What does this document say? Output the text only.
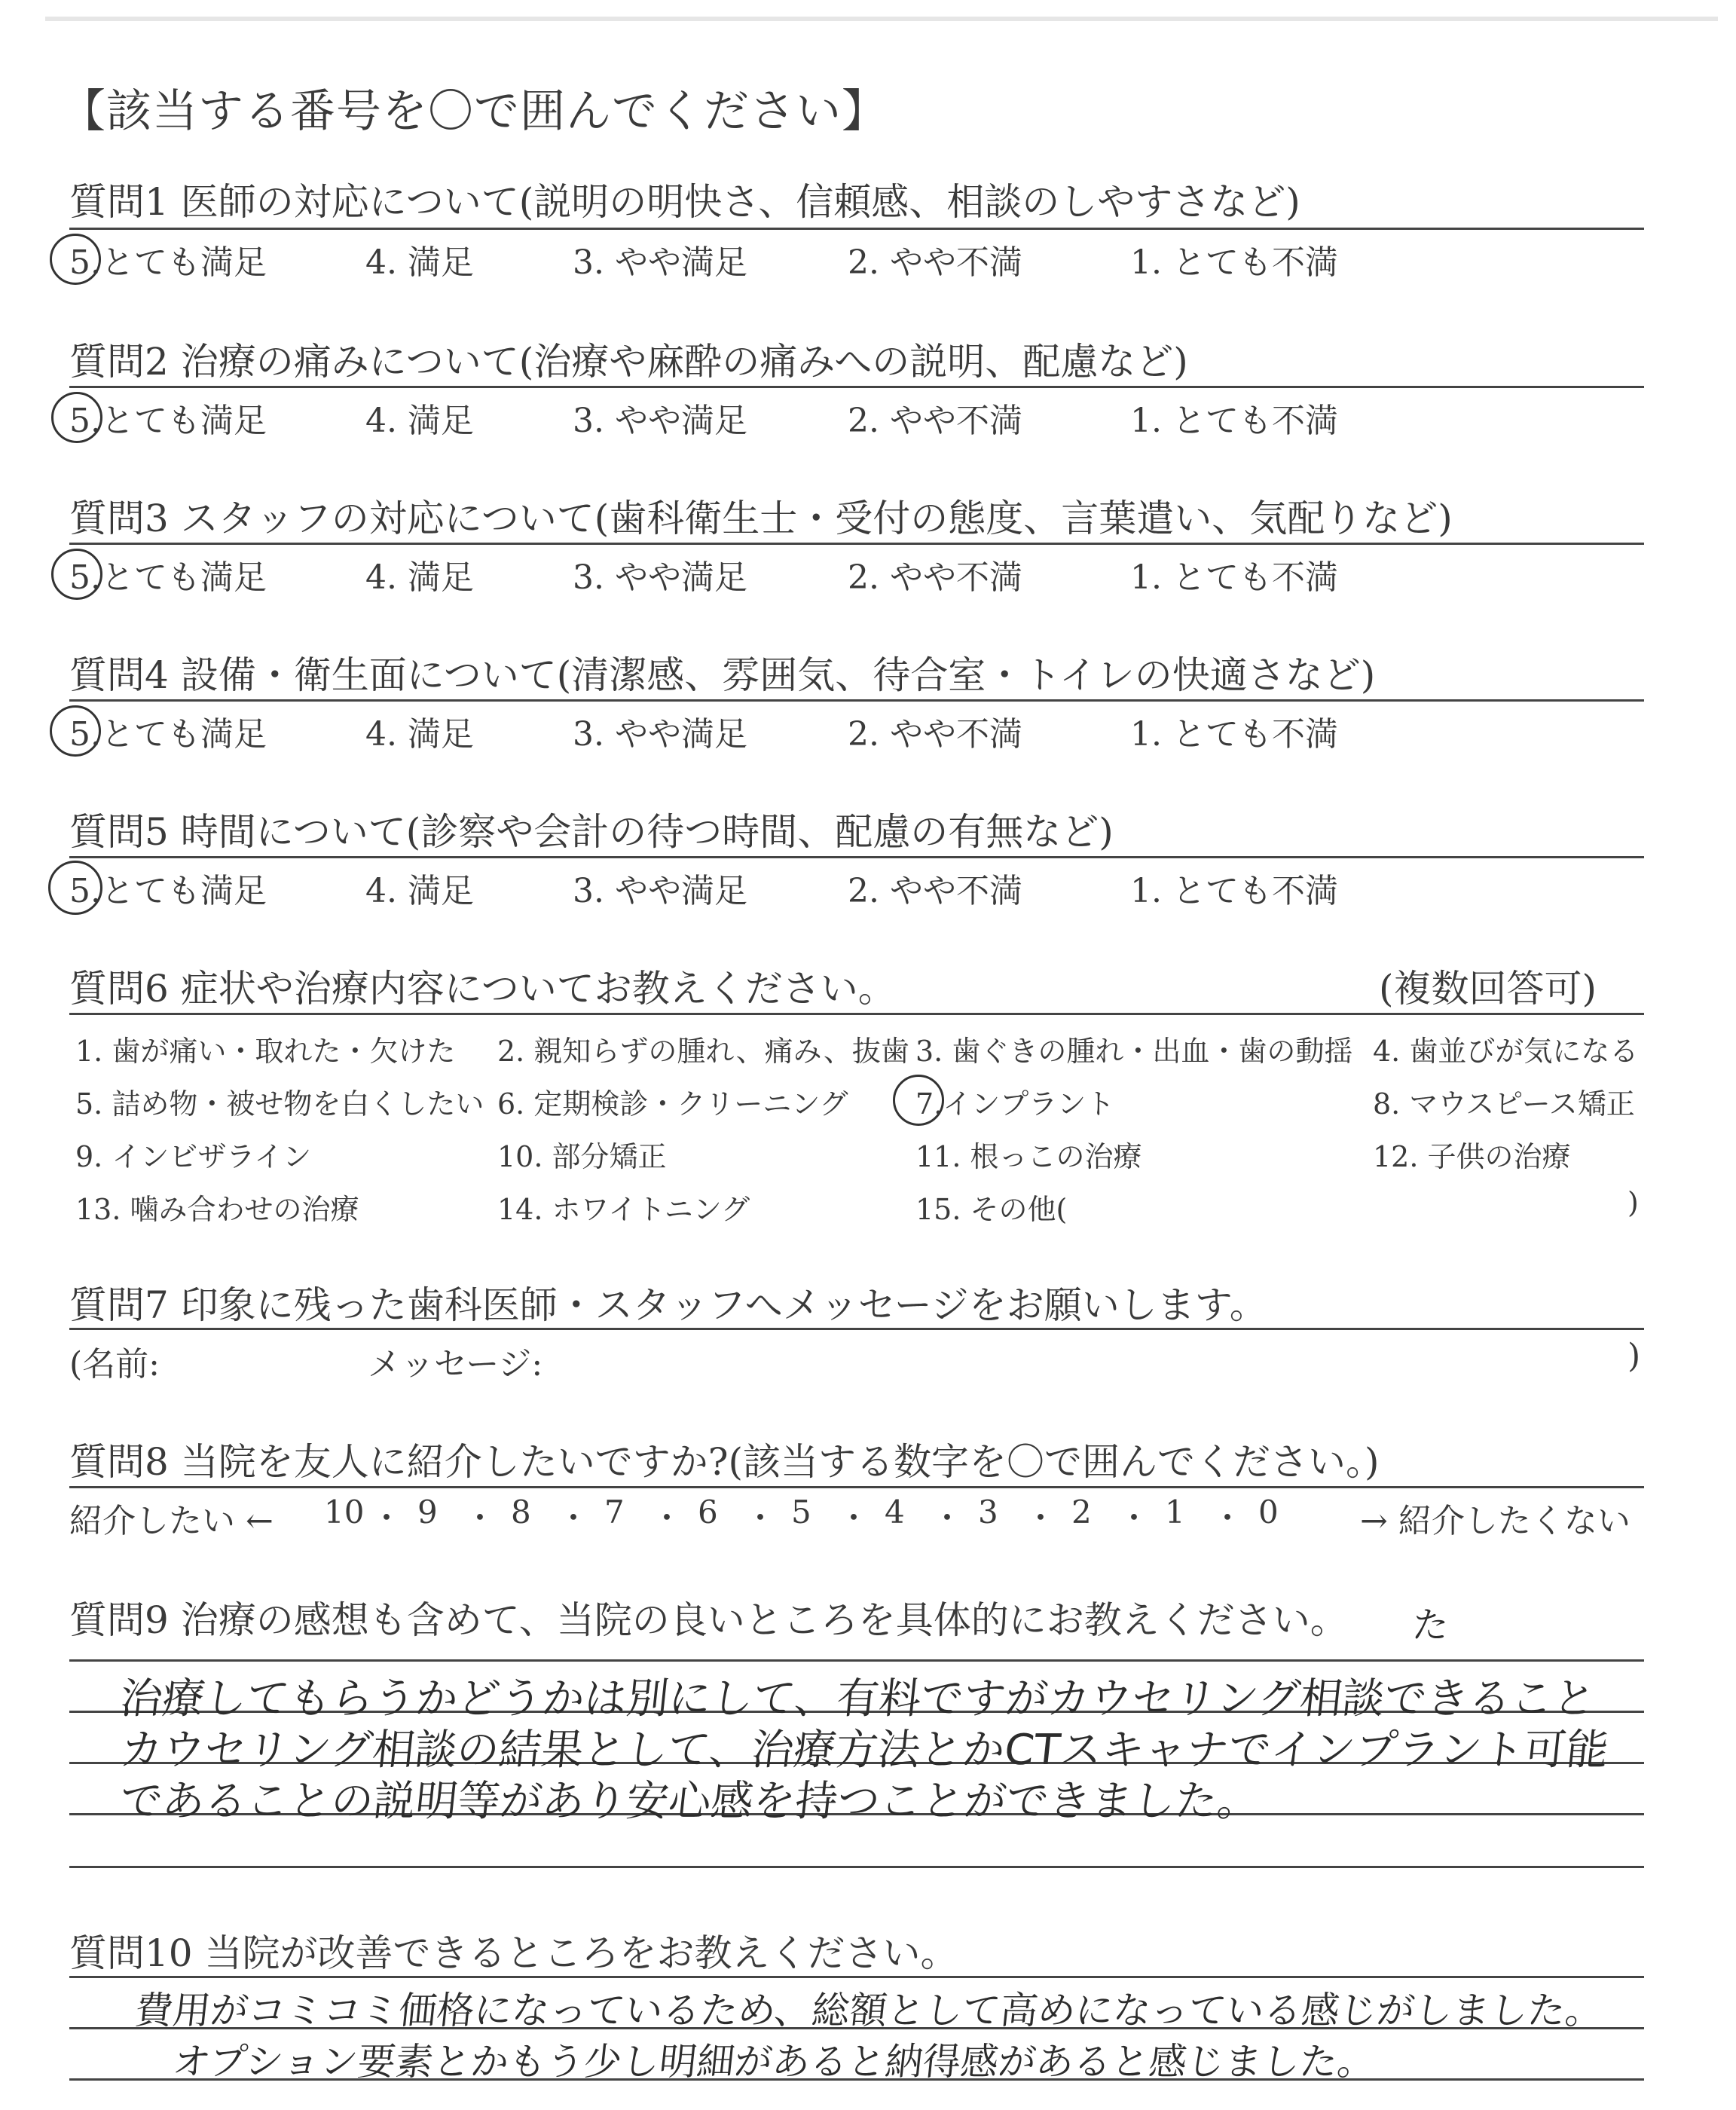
【該当する番号を〇で囲んでください】
質問1 医師の対応について(説明の明快さ、信頼感、相談のしやすさなど)
5.とても満足	4. 満足	3. やや満足	2. やや不満	1. とても不満
質問2 治療の痛みについて(治療や麻酔の痛みへの説明、配慮など)
5.とても満足	4. 満足	3. やや満足	2. やや不満	1. とても不満
質問3 スタッフの対応について(歯科衛生士・受付の態度、言葉遣い、気配りなど)
5.とても満足	4. 満足	3. やや満足	2. やや不満	1. とても不満
質問4 設備・衛生面について(清潔感、雰囲気、待合室・トイレの快適さなど)
5.とても満足	4. 満足	3. やや満足	2. やや不満	1. とても不満
質問5 時間について(診察や会計の待つ時間、配慮の有無など)
5.とても満足	4. 満足	3. やや満足	2. やや不満	1. とても不満
質問6 症状や治療内容についてお教えください。	(複数回答可)
1. 歯が痛い・取れた・欠けた 2. 親知らずの腫れ、痛み、抜歯 3. 歯ぐきの腫れ・出血・歯の動揺 4. 歯並びが気になる
5. 詰め物・被せ物を白くしたい 6. 定期検診・クリーニング 7.インプラント	8. マウスピース矯正
9. インビザライン	10. 部分矯正	11. 根っこの治療	12. 子供の治療
13. 噛み合わせの治療	14. ホワイトニング	15. その他(	)
質問7 印象に残った歯科医師・スタッフへメッセージをお願いします。
(名前:	メッセージ:	)
質問8 当院を友人に紹介したいですか?(該当する数字を〇で囲んでください。)
紹介したい ← 10 ・ 9 ・ 8 ・ 7 ・ 6 ・ 5 ・ 4 ・ 3 ・ 2 ・ 1 ・ 0 → 紹介したくない
質問9 治療の感想も含めて、当院の良いところを具体的にお教えください。 た
治療してもらうかどうかは別にして、有料ですがカウセリング相談できること
カウセリング相談の結果として、治療方法とかCTスキャナでインプラント可能
であることの説明等があり安心感を持つことができました。
質問10 当院が改善できるところをお教えください。
費用がコミコミ価格になっているため、総額として高めになっている感じがしました。
オプション要素とかもう少し明細があると納得感があると感じました。
